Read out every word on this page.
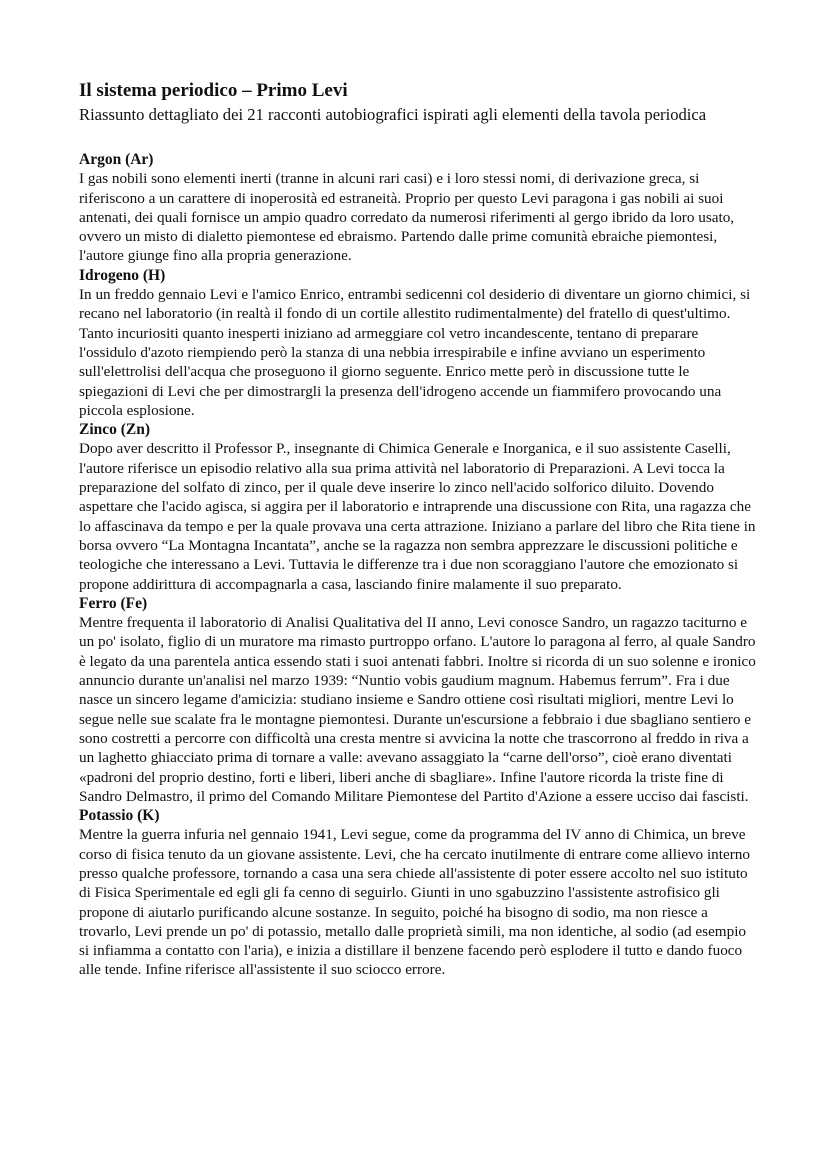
Il sistema periodico – Primo Levi

Riassunto dettagliato dei 21 racconti autobiografici ispirati agli elementi della tavola periodica

Argon (Ar)

I gas nobili sono elementi inerti (tranne in alcuni rari casi) e i loro stessi nomi, di derivazione greca, si riferiscono a un carattere di inoperosità ed estraneità. Proprio per questo Levi paragona i gas nobili ai suoi antenati, dei quali fornisce un ampio quadro corredato da numerosi riferimenti al gergo ibrido da loro usato, ovvero un misto di dialetto piemontese ed ebraismo. Partendo dalle prime comunità ebraiche piemontesi, l'autore giunge fino alla propria generazione.

Idrogeno (H)

In un freddo gennaio Levi e l'amico Enrico, entrambi sedicenni col desiderio di diventare un giorno chimici, si recano nel laboratorio (in realtà il fondo di un cortile allestito rudimentalmente) del fratello di quest'ultimo. Tanto incuriositi quanto inesperti iniziano ad armeggiare col vetro incandescente, tentano di preparare l'ossidulo d'azoto riempiendo però la stanza di una nebbia irrespirabile e infine avviano un esperimento sull'elettrolisi dell'acqua che proseguono il giorno seguente. Enrico mette però in discussione tutte le spiegazioni di Levi che per dimostrargli la presenza dell'idrogeno accende un fiammifero provocando una piccola esplosione.

Zinco (Zn)

Dopo aver descritto il Professor P., insegnante di Chimica Generale e Inorganica, e il suo assistente Caselli, l'autore riferisce un episodio relativo alla sua prima attività nel laboratorio di Preparazioni. A Levi tocca la preparazione del solfato di zinco, per il quale deve inserire lo zinco nell'acido solforico diluito. Dovendo aspettare che l'acido agisca, si aggira per il laboratorio e intraprende una discussione con Rita, una ragazza che lo affascinava da tempo e per la quale provava una certa attrazione. Iniziano a parlare del libro che Rita tiene in borsa ovvero “La Montagna Incantata”, anche se la ragazza non sembra apprezzare le discussioni politiche e teologiche che interessano a Levi. Tuttavia le differenze tra i due non scoraggiano l'autore che emozionato si propone addirittura di accompagnarla a casa, lasciando finire malamente il suo preparato.

Ferro (Fe)

Mentre frequenta il laboratorio di Analisi Qualitativa del II anno, Levi conosce Sandro, un ragazzo taciturno e un po' isolato, figlio di un muratore ma rimasto purtroppo orfano. L'autore lo paragona al ferro, al quale Sandro è legato da una parentela antica essendo stati i suoi antenati fabbri. Inoltre si ricorda di un suo solenne e ironico annuncio durante un'analisi nel marzo 1939: “Nuntio vobis gaudium magnum. Habemus ferrum”. Fra i due nasce un sincero legame d'amicizia: studiano insieme e Sandro ottiene così risultati migliori, mentre Levi lo segue nelle sue scalate fra le montagne piemontesi. Durante un'escursione a febbraio i due sbagliano sentiero e sono costretti a percorre con difficoltà una cresta mentre si avvicina la notte che trascorrono al freddo in riva a un laghetto ghiacciato prima di tornare a valle: avevano assaggiato la “carne dell'orso”, cioè erano diventati «padroni del proprio destino, forti e liberi, liberi anche di sbagliare». Infine l'autore ricorda la triste fine di Sandro Delmastro, il primo del Comando Militare Piemontese del Partito d'Azione a essere ucciso dai fascisti.

Potassio (K)

Mentre la guerra infuria nel gennaio 1941, Levi segue, come da programma del IV anno di Chimica, un breve corso di fisica tenuto da un giovane assistente. Levi, che ha cercato inutilmente di entrare come allievo interno presso qualche professore, tornando a casa una sera chiede all'assistente di poter essere accolto nel suo istituto di Fisica Sperimentale ed egli gli fa cenno di seguirlo. Giunti in uno sgabuzzino l'assistente astrofisico gli propone di aiutarlo purificando alcune sostanze. In seguito, poiché ha bisogno di sodio, ma non riesce a trovarlo, Levi prende un po' di potassio, metallo dalle proprietà simili, ma non identiche, al sodio (ad esempio si infiamma a contatto con l'aria), e inizia a distillare il benzene facendo però esplodere il tutto e dando fuoco alle tende. Infine riferisce all'assistente il suo sciocco errore.
